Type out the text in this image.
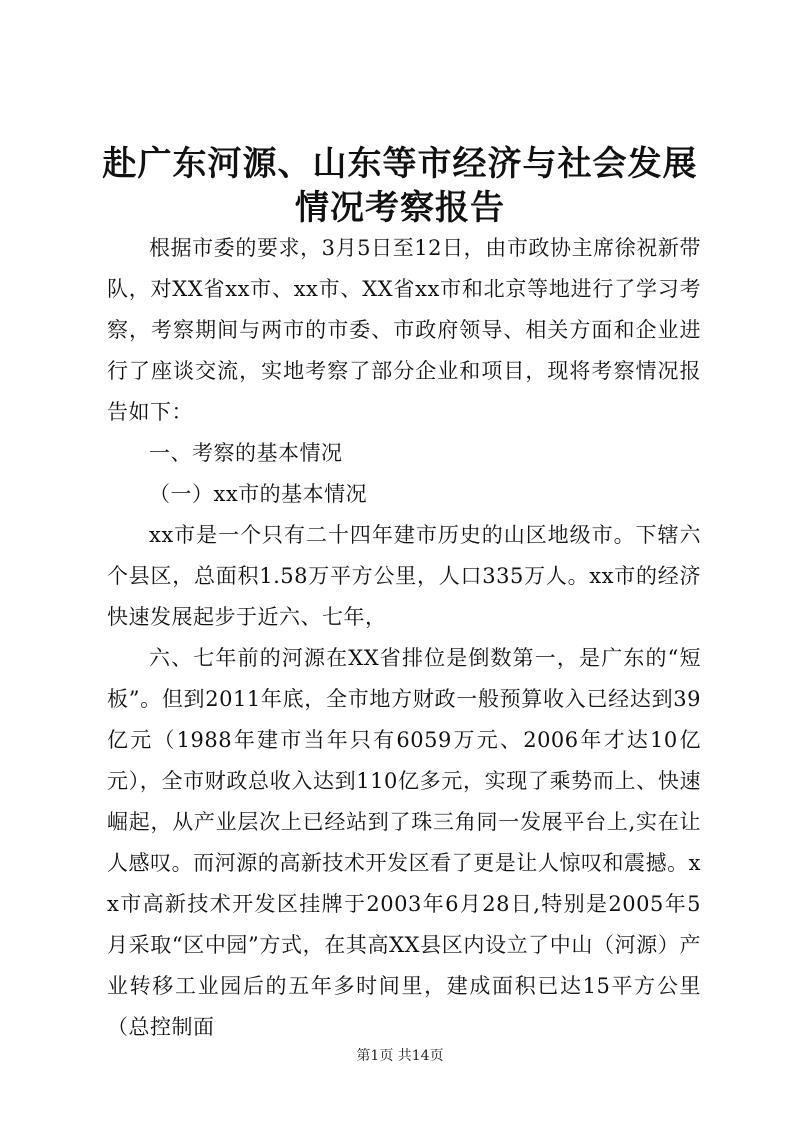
赴广东河源、山东等市经济与社会发展情况考察报告

根据市委的要求，3月5日至12日，由市政协主席徐祝新带队，对XX省xx市、xx市、XX省xx市和北京等地进行了学习考察，考察期间与两市的市委、市政府领导、相关方面和企业进行了座谈交流，实地考察了部分企业和项目，现将考察情况报告如下：

一、考察的基本情况

（一）xx市的基本情况

xx市是一个只有二十四年建市历史的山区地级市。下辖六个县区，总面积1.58万平方公里，人口335万人。xx市的经济快速发展起步于近六、七年，

六、七年前的河源在XX省排位是倒数第一，是广东的“短板”。但到2011年底，全市地方财政一般预算收入已经达到39亿元（1988年建市当年只有6059万元、2006年才达10亿元），全市财政总收入达到110亿多元，实现了乘势而上、快速崛起，从产业层次上已经站到了珠三角同一发展平台上,实在让人感叹。而河源的高新技术开发区看了更是让人惊叹和震撼。xx市高新技术开发区挂牌于2003年6月28日,特别是2005年5月采取“区中园”方式，在其高XX县区内设立了中山（河源）产业转移工业园后的五年多时间里，建成面积已达15平方公里（总控制面

第1页 共14页
